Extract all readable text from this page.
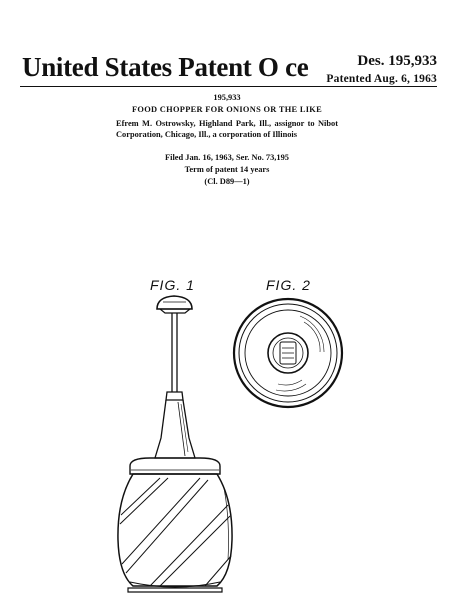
United States Patent O ce	Des. 195,933
Patented Aug. 6, 1963
195,933
FOOD CHOPPER FOR ONIONS OR THE LIKE
Efrem M. Ostrowsky, Highland Park, Ill., assignor to Nibot Corporation, Chicago, Ill., a corporation of Illinois
Filed Jan. 16, 1963, Ser. No. 73,195
Term of patent 14 years
(Cl. D89—1)
FIG. 1	FIG. 2
